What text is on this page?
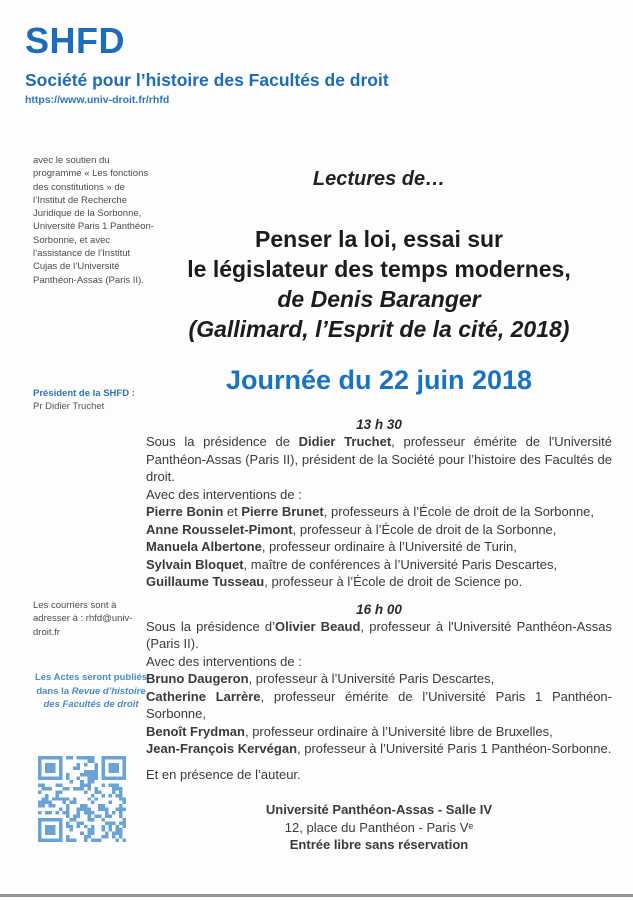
SHFD
Société pour l’histoire des Facultés de droit
https://www.univ-droit.fr/rhfd

avec le soutien du programme « Les fonctions des constitutions » de l’Institut de Recherche Juridique de la Sorbonne, Université Paris 1 Panthéon-Sorbonne, et avec l’assistance de l’Institut Cujas de l’Université Panthéon-Assas (Paris II).

Président de la SHFD :
Pr Didier Truchet

Les courriers sont à adresser à : rhfd@univ-droit.fr

Les Actes seront publiés dans la Revue d’histoire des Facultés de droit

Lectures de…
Penser la loi, essai sur
le législateur des temps modernes,
de Denis Baranger
(Gallimard, l’Esprit de la cité, 2018)
Journée du 22 juin 2018
13 h 30

Sous la présidence de Didier Truchet, professeur émérite de l'Université Panthéon-Assas (Paris II), président de la Société pour l’histoire des Facultés de droit.

Avec des interventions de :
Pierre Bonin et Pierre Brunet, professeurs à l’École de droit de la Sorbonne,
Anne Rousselet-Pimont, professeur à l’École de droit de la Sorbonne,
Manuela Albertone, professeur ordinaire à l’Université de Turin,
Sylvain Bloquet, maître de conférences à l’Université Paris Descartes,
Guillaume Tusseau, professeur à l’École de droit de Science po.
16 h 00

Sous la présidence d’Olivier Beaud, professeur à l'Université Panthéon-Assas (Paris II).

Avec des interventions de :
Bruno Daugeron, professeur à l’Université Paris Descartes,
Catherine Larrère, professeur émérite de l’Université Paris 1 Panthéon-Sorbonne,
Benoît Frydman, professeur ordinaire à l’Université libre de Bruxelles,
Jean-François Kervégan, professeur à l’Université Paris 1 Panthéon-Sorbonne.

Et en présence de l’auteur.

Université Panthéon-Assas - Salle IV
12, place du Panthéon - Paris Vᵉ
Entrée libre sans réservation
